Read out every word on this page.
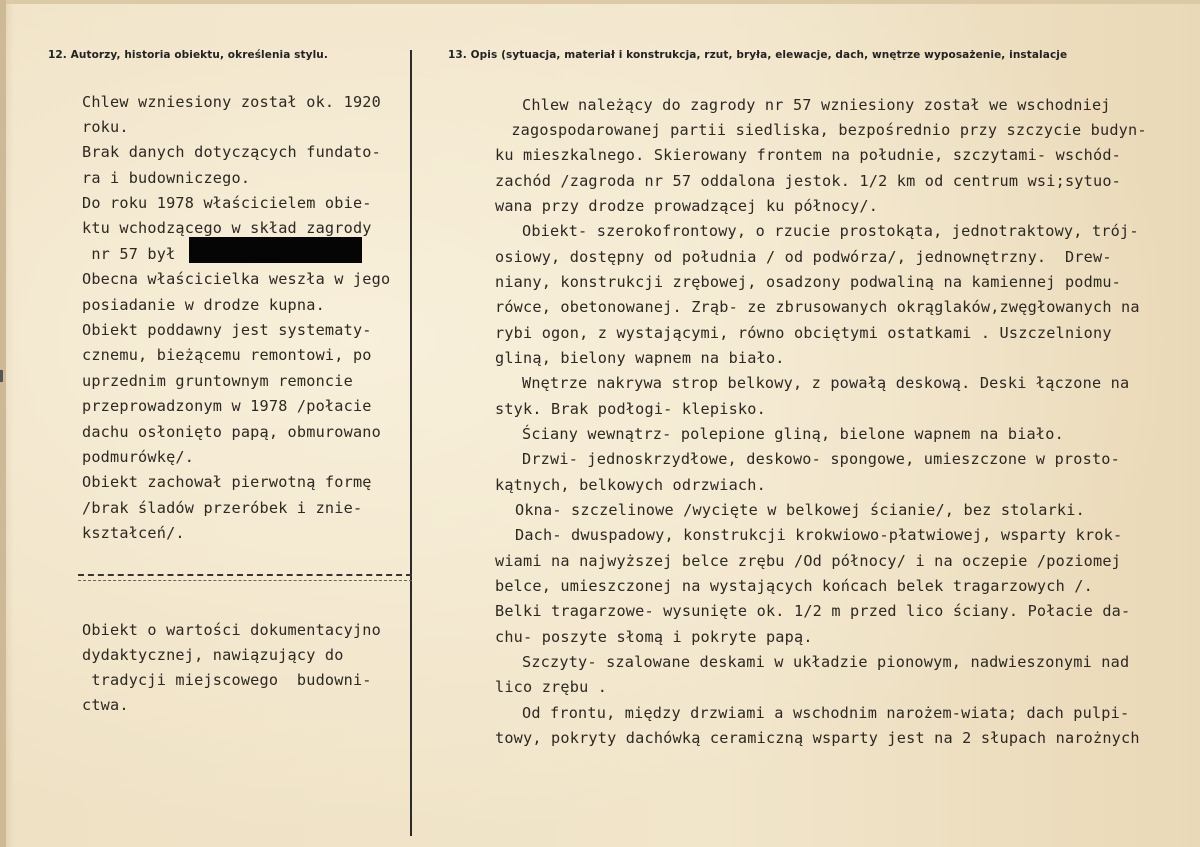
12. Autorzy, historia obiektu, określenia stylu.	13. Opis (sytuacja, materiał i konstrukcja, rzut, bryła, elewacje, dach, wnętrze wyposażenie, instalacje
Chlew wzniesiony został ok. 1920
roku.
Brak danych dotyczących fundato-
ra i budowniczego.
Do roku 1978 właścicielem obie-
ktu wchodzącego w skład zagrody
nr 57 był
Obecna właścicielka weszła w jego
posiadanie w drodze kupna.
Obiekt poddawny jest systematy-
cznemu, bieżącemu remontowi, po
uprzednim gruntownym remoncie
przeprowadzonym w 1978 /połacie
dachu osłonięto papą, obmurowano
podmurówkę/.
Obiekt zachował pierwotną formę
/brak śladów przeróbek i znie-
kształceń/.
Obiekt o wartości dokumentacyjno
dydaktycznej, nawiązujący do
tradycji miejscowego  budowni-
ctwa.
Chlew należący do zagrody nr 57 wzniesiony został we wschodniej
zagospodarowanej partii siedliska, bezpośrednio przy szczycie budyn-
ku mieszkalnego. Skierowany frontem na południe, szczytami- wschód-
zachód /zagroda nr 57 oddalona jestok. 1/2 km od centrum wsi;sytuo-
wana przy drodze prowadzącej ku północy/.
Obiekt- szerokofrontowy, o rzucie prostokąta, jednotraktowy, trój-
osiowy, dostępny od południa / od podwórza/, jednownętrzny.  Drew-
niany, konstrukcji zrębowej, osadzony podwaliną na kamiennej podmu-
rówce, obetonowanej. Zrąb- ze zbrusowanych okrąglaków,zwęgłowanych na
rybi ogon, z wystającymi, równo obciętymi ostatkami . Uszczelniony
gliną, bielony wapnem na biało.
Wnętrze nakrywa strop belkowy, z powałą deskową. Deski łączone na
styk. Brak podłogi- klepisko.
Ściany wewnątrz- polepione gliną, bielone wapnem na biało.
Drzwi- jednoskrzydłowe, deskowo- spongowe, umieszczone w prosto-
kątnych, belkowych odrzwiach.
Okna- szczelinowe /wycięte w belkowej ścianie/, bez stolarki.
Dach- dwuspadowy, konstrukcji krokwiowo-płatwiowej, wsparty krok-
wiami na najwyższej belce zrębu /Od północy/ i na oczepie /poziomej
belce, umieszczonej na wystających końcach belek tragarzowych /.
Belki tragarzowe- wysunięte ok. 1/2 m przed lico ściany. Połacie da-
chu- poszyte słomą i pokryte papą.
Szczyty- szalowane deskami w układzie pionowym, nadwieszonymi nad
lico zrębu .
Od frontu, między drzwiami a wschodnim narożem-wiata; dach pulpi-
towy, pokryty dachówką ceramiczną wsparty jest na 2 słupach narożnych
